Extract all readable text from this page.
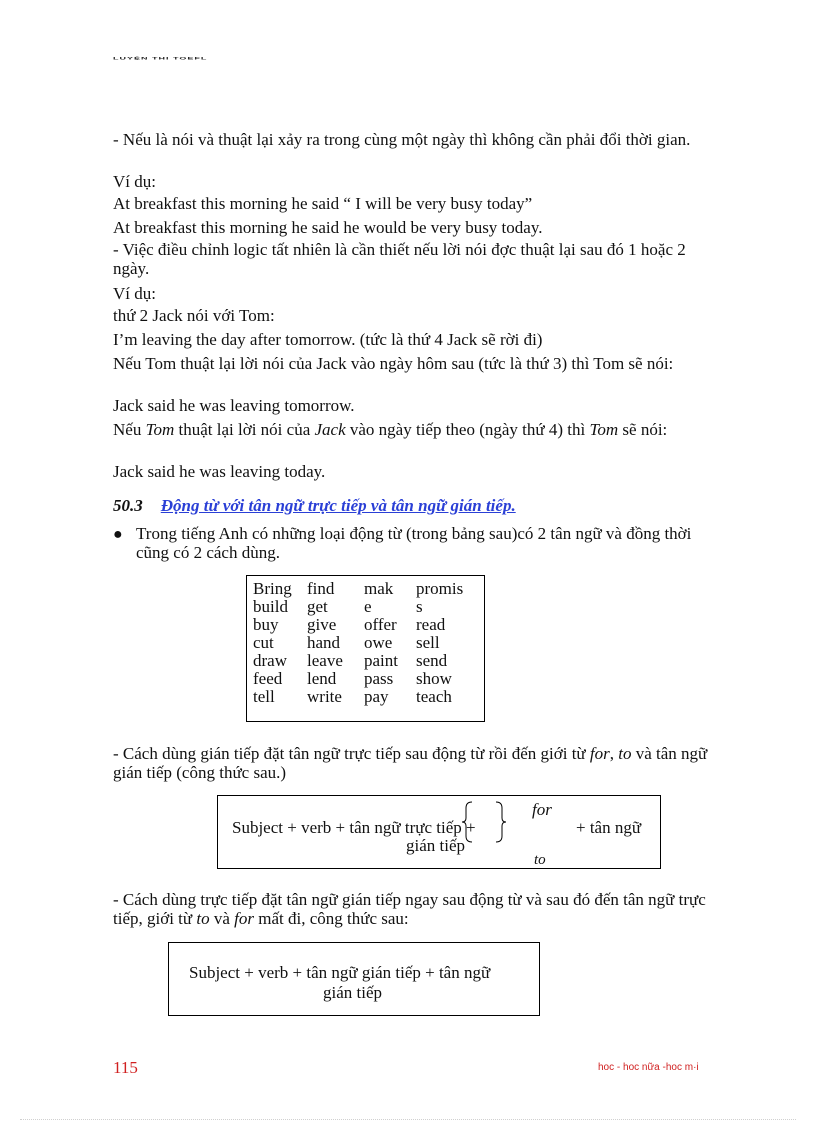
LUYỆN THI TOEFL
- Nếu là nói và thuật lại xảy ra trong cùng một ngày thì không cần phải đổi thời gian.
Ví dụ:
At breakfast this morning he said “ I will be very busy today”
At breakfast this morning he said he would be very busy today.
- Việc điều chỉnh logic tất nhiên là cần thiết nếu lời nói đợc thuật lại sau đó 1 hoặc 2 ngày.
Ví dụ:
thứ 2 Jack nói với Tom:
I’m leaving the day after tomorrow. (tức là thứ 4 Jack sẽ rời đi)
Nếu Tom thuật lại lời nói của Jack vào ngày hôm sau (tức là thứ 3) thì Tom sẽ nói:
Jack said he was leaving tomorrow.
Nếu Tom thuật lại lời nói của Jack vào ngày tiếp theo (ngày thứ 4) thì Tom sẽ nói:
Jack said he was leaving today.
50.3 Động từ với tân ngữ trực tiếp và tân ngữ gián tiếp.
● Trong tiếng Anh có những loại động từ (trong bảng sau)có 2 tân ngữ và đồng thời cũng có 2 cách dùng.
Bring	find	mak	promis
build	get	e	s
buy	give	offer	read
cut	hand	owe	sell
draw	leave	paint	send
feed	lend	pass	show
tell	write	pay	teach
- Cách dùng gián tiếp đặt tân ngữ trực tiếp sau động từ rồi đến giới từ for, to và tân ngữ gián tiếp (công thức sau.)
Subject + verb + tân ngữ trực tiếp +
for
to
+ tân ngữ
gián tiếp
- Cách dùng trực tiếp đặt tân ngữ gián tiếp ngay sau động từ và sau đó đến tân ngữ trực tiếp, giới từ to và for mất đi, công thức sau:
Subject + verb + tân ngữ gián tiếp + tân ngữ
gián tiếp
115	hoc - hoc nữa -hoc m·i
